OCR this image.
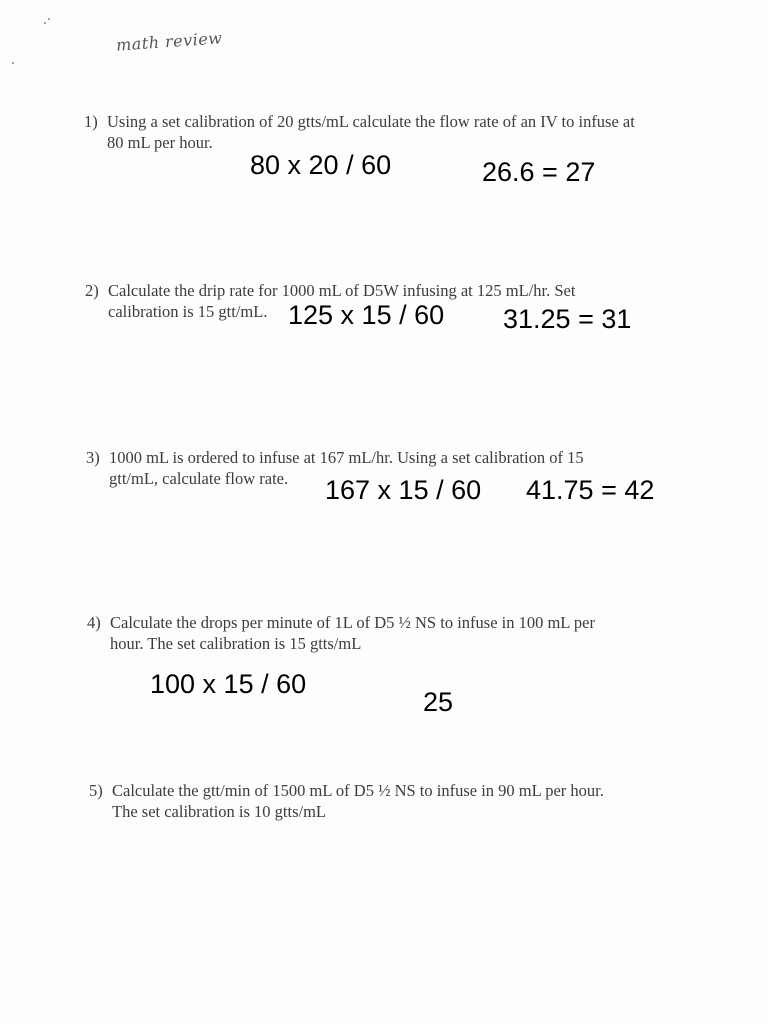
math review
1) Using a set calibration of 20 gtts/mL calculate the flow rate of an IV to infuse at
80 mL per hour.
80 x 20 / 60	26.6 = 27
2) Calculate the drip rate for 1000 mL of D5W infusing at 125 mL/hr. Set
calibration is 15 gtt/mL. 125 x 15 / 60 31.25 = 31
3) 1000 mL is ordered to infuse at 167 mL/hr. Using a set calibration of 15
gtt/mL, calculate flow rate.	167 x 15 / 60 41.75 = 42
4) Calculate the drops per minute of 1L of D5 ½ NS to infuse in 100 mL per
hour. The set calibration is 15 gtts/mL
100 x 15 / 60
25
5) Calculate the gtt/min of 1500 mL of D5 ½ NS to infuse in 90 mL per hour.
The set calibration is 10 gtts/mL
